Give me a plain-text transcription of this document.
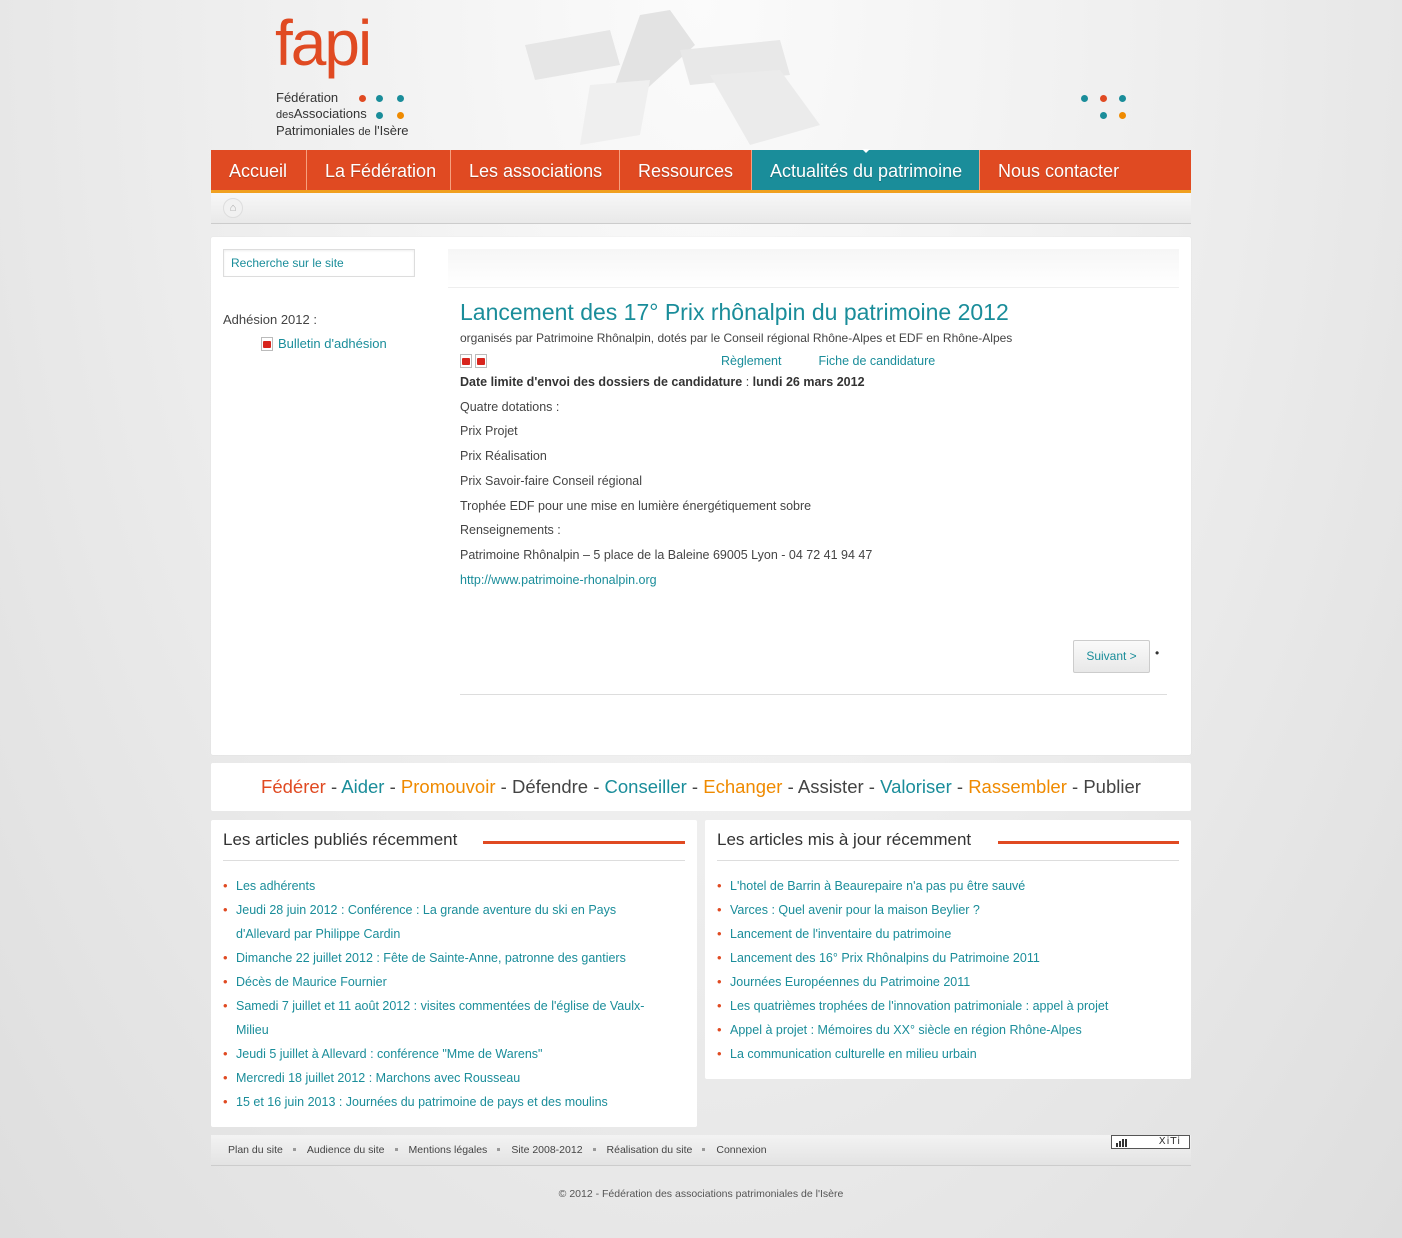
fapi
Fédération
desAssociations
Patrimoniales de l'Isère
Accueil	La Fédération	Les associations	Ressources	Actualités du patrimoine	Nous contacter
⌂
Recherche sur le site
Adhésion 2012 :
Bulletin d'adhésion
Lancement des 17° Prix rhônalpin du patrimoine 2012
organisés par Patrimoine Rhônalpin, dotés par le Conseil régional Rhône-Alpes et EDF en Rhône-Alpes
Règlement	Fiche de candidature
Date limite d'envoi des dossiers de candidature : lundi 26 mars 2012
Quatre dotations :
Prix Projet
Prix Réalisation
Prix Savoir-faire Conseil régional
Trophée EDF pour une mise en lumière énergétiquement sobre
Renseignements :
Patrimoine Rhônalpin – 5 place de la Baleine 69005 Lyon - 04 72 41 94 47
http://www.patrimoine-rhonalpin.org
Suivant >	•
Fédérer - Aider - Promouvoir - Défendre - Conseiller - Echanger - Assister - Valoriser - Rassembler - Publier
Les articles publiés récemment
• Les adhérents
• Jeudi 28 juin 2012 : Conférence : La grande aventure du ski en Pays d'Allevard par Philippe Cardin
• Dimanche 22 juillet 2012 : Fête de Sainte-Anne, patronne des gantiers
• Décès de Maurice Fournier
• Samedi 7 juillet et 11 août 2012 : visites commentées de l'église de Vaulx-Milieu
• Jeudi 5 juillet à Allevard : conférence "Mme de Warens"
• Mercredi 18 juillet 2012 : Marchons avec Rousseau
• 15 et 16 juin 2013 : Journées du patrimoine de pays et des moulins
Les articles mis à jour récemment
• L'hotel de Barrin à Beaurepaire n'a pas pu être sauvé
• Varces : Quel avenir pour la maison Beylier ?
• Lancement de l'inventaire du patrimoine
• Lancement des 16° Prix Rhônalpins du Patrimoine 2011
• Journées Européennes du Patrimoine 2011
• Les quatrièmes trophées de l'innovation patrimoniale : appel à projet
• Appel à projet : Mémoires du XX° siècle en région Rhône-Alpes
• La communication culturelle en milieu urbain
Plan du site	Audience du site	Mentions légales	Site 2008-2012	Réalisation du site	Connexion
XiTi
© 2012 - Fédération des associations patrimoniales de l'Isère
